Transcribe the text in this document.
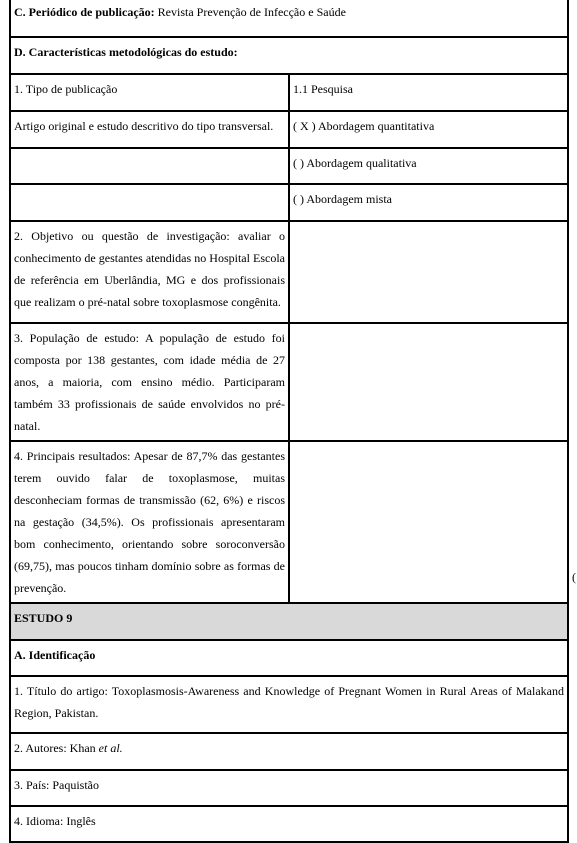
C. Periódico de publicação: Revista Prevenção de Infecção e Saúde	
D. Características metodológicas do estudo:	
1. Tipo de publicação	1.1 Pesquisa
Artigo original e estudo descritivo do tipo transversal.	( X ) Abordagem quantitativa
	( ) Abordagem qualitativa
	( ) Abordagem mista
2. Objetivo ou questão de investigação: avaliar o conhecimento de gestantes atendidas no Hospital Escola de referência em Uberlândia, MG e dos profissionais que realizam o pré-natal sobre toxoplasmose congênita.	
3. População de estudo: A população de estudo foi composta por 138 gestantes, com idade média de 27 anos, a maioria, com ensino médio. Participaram também 33 profissionais de saúde envolvidos no pré-natal.	
4. Principais resultados: Apesar de 87,7% das gestantes terem ouvido falar de toxoplasmose, muitas desconheciam formas de transmissão (62, 6%) e riscos na gestação (34,5%). Os profissionais apresentaram bom conhecimento, orientando sobre soroconversão (69,75), mas poucos tinham domínio sobre as formas de prevenção.	
ESTUDO 9	
A. Identificação	
1. Título do artigo: Toxoplasmosis-Awareness and Knowledge of Pregnant Women in Rural Areas of Malakand Region, Pakistan.	
2. Autores: Khan et al.	
3. País: Paquistão	
4. Idioma: Inglês	
(
